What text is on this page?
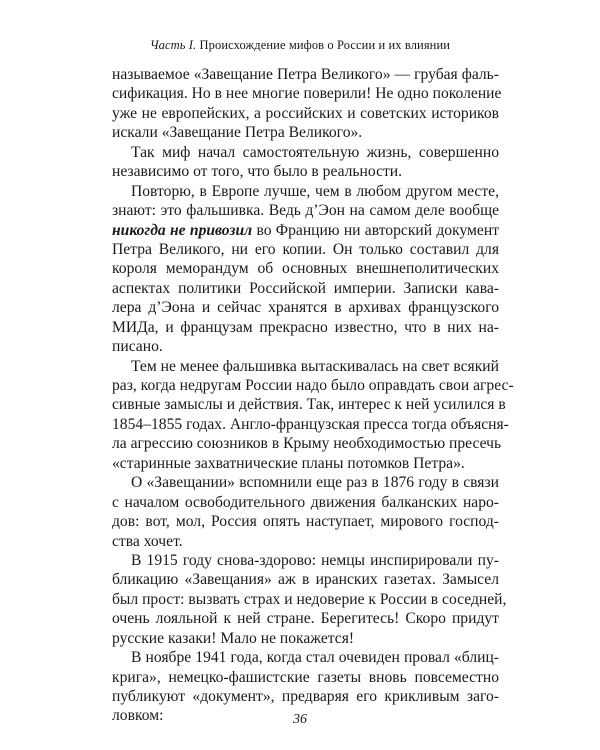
Часть I. Происхождение мифов о России и их влиянии
называемое «Завещание Петра Великого» — грубая фаль-
сификация. Но в нее многие поверили! Не одно поколение
уже не европейских, а российских и советских историков
искали «Завещание Петра Великого».
Так миф начал самостоятельную жизнь, совершенно
независимо от того, что было в реальности.
Повторю, в Европе лучше, чем в любом другом месте,
знают: это фальшивка. Ведь д’Эон на самом деле вообще
никогда не привозил во Францию ни авторский документ
Петра Великого, ни его копии. Он только составил для
короля меморандум об основных внешнеполитических
аспектах политики Российской империи. Записки кава-
лера д’Эона и сейчас хранятся в архивах французского
МИДа, и французам прекрасно известно, что в них на-
писано.
Тем не менее фальшивка вытаскивалась на свет всякий
раз, когда недругам России надо было оправдать свои агрес-
сивные замыслы и действия. Так, интерес к ней усилился в
1854–1855 годах. Англо-французская пресса тогда объясня-
ла агрессию союзников в Крыму необходимостью пресечь
«старинные захватнические планы потомков Петра».
О «Завещании» вспомнили еще раз в 1876 году в связи
с началом освободительного движения балканских наро-
дов: вот, мол, Россия опять наступает, мирового господ-
ства хочет.
В 1915 году снова-здорово: немцы инспирировали пу-
бликацию «Завещания» аж в иранских газетах. Замысел
был прост: вызвать страх и недоверие к России в соседней,
очень лояльной к ней стране. Берегитесь! Скоро придут
русские казаки! Мало не покажется!
В ноябре 1941 года, когда стал очевиден провал «блиц-
крига», немецко-фашистские газеты вновь повсеместно
публикуют «документ», предваряя его крикливым заго-
ловком:	36
